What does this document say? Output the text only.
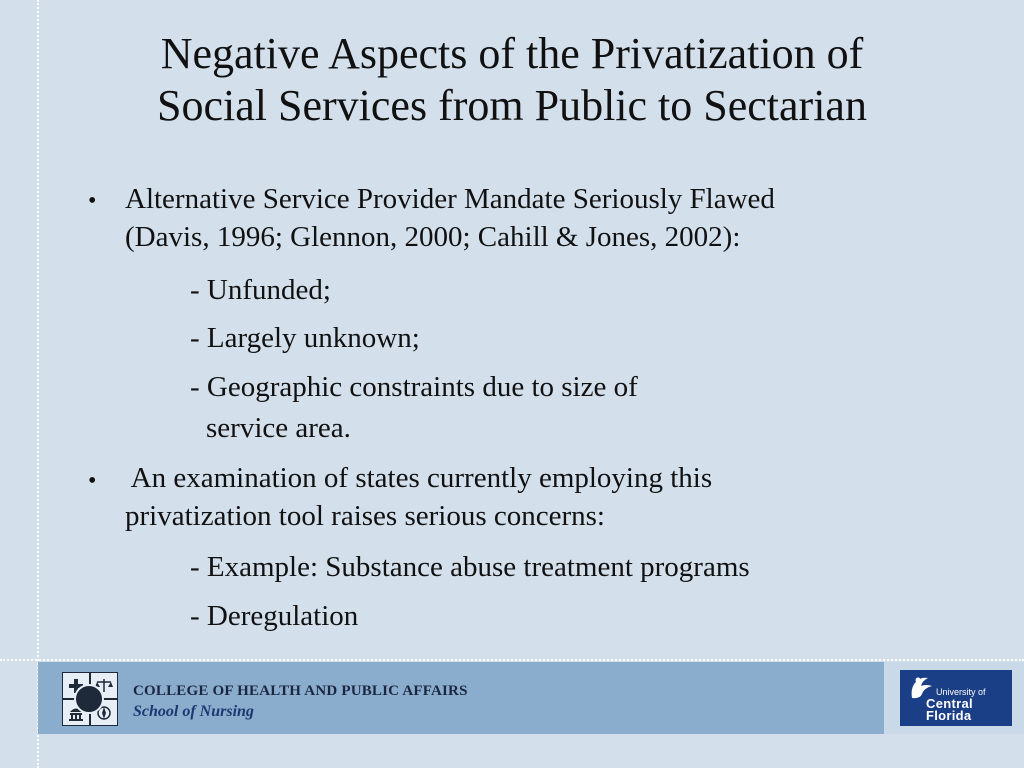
Negative Aspects of the Privatization of
Social Services from Public to Sectarian
• Alternative Service Provider Mandate Seriously Flawed
(Davis, 1996; Glennon, 2000; Cahill & Jones, 2002):
- Unfunded;
- Largely unknown;
- Geographic constraints due to size of
service area.
• An examination of states currently employing this
privatization tool raises serious concerns:
- Example: Substance abuse treatment programs
- Deregulation
COLLEGE OF HEALTH AND PUBLIC AFFAIRS
School of Nursing
University of
Central
Florida
